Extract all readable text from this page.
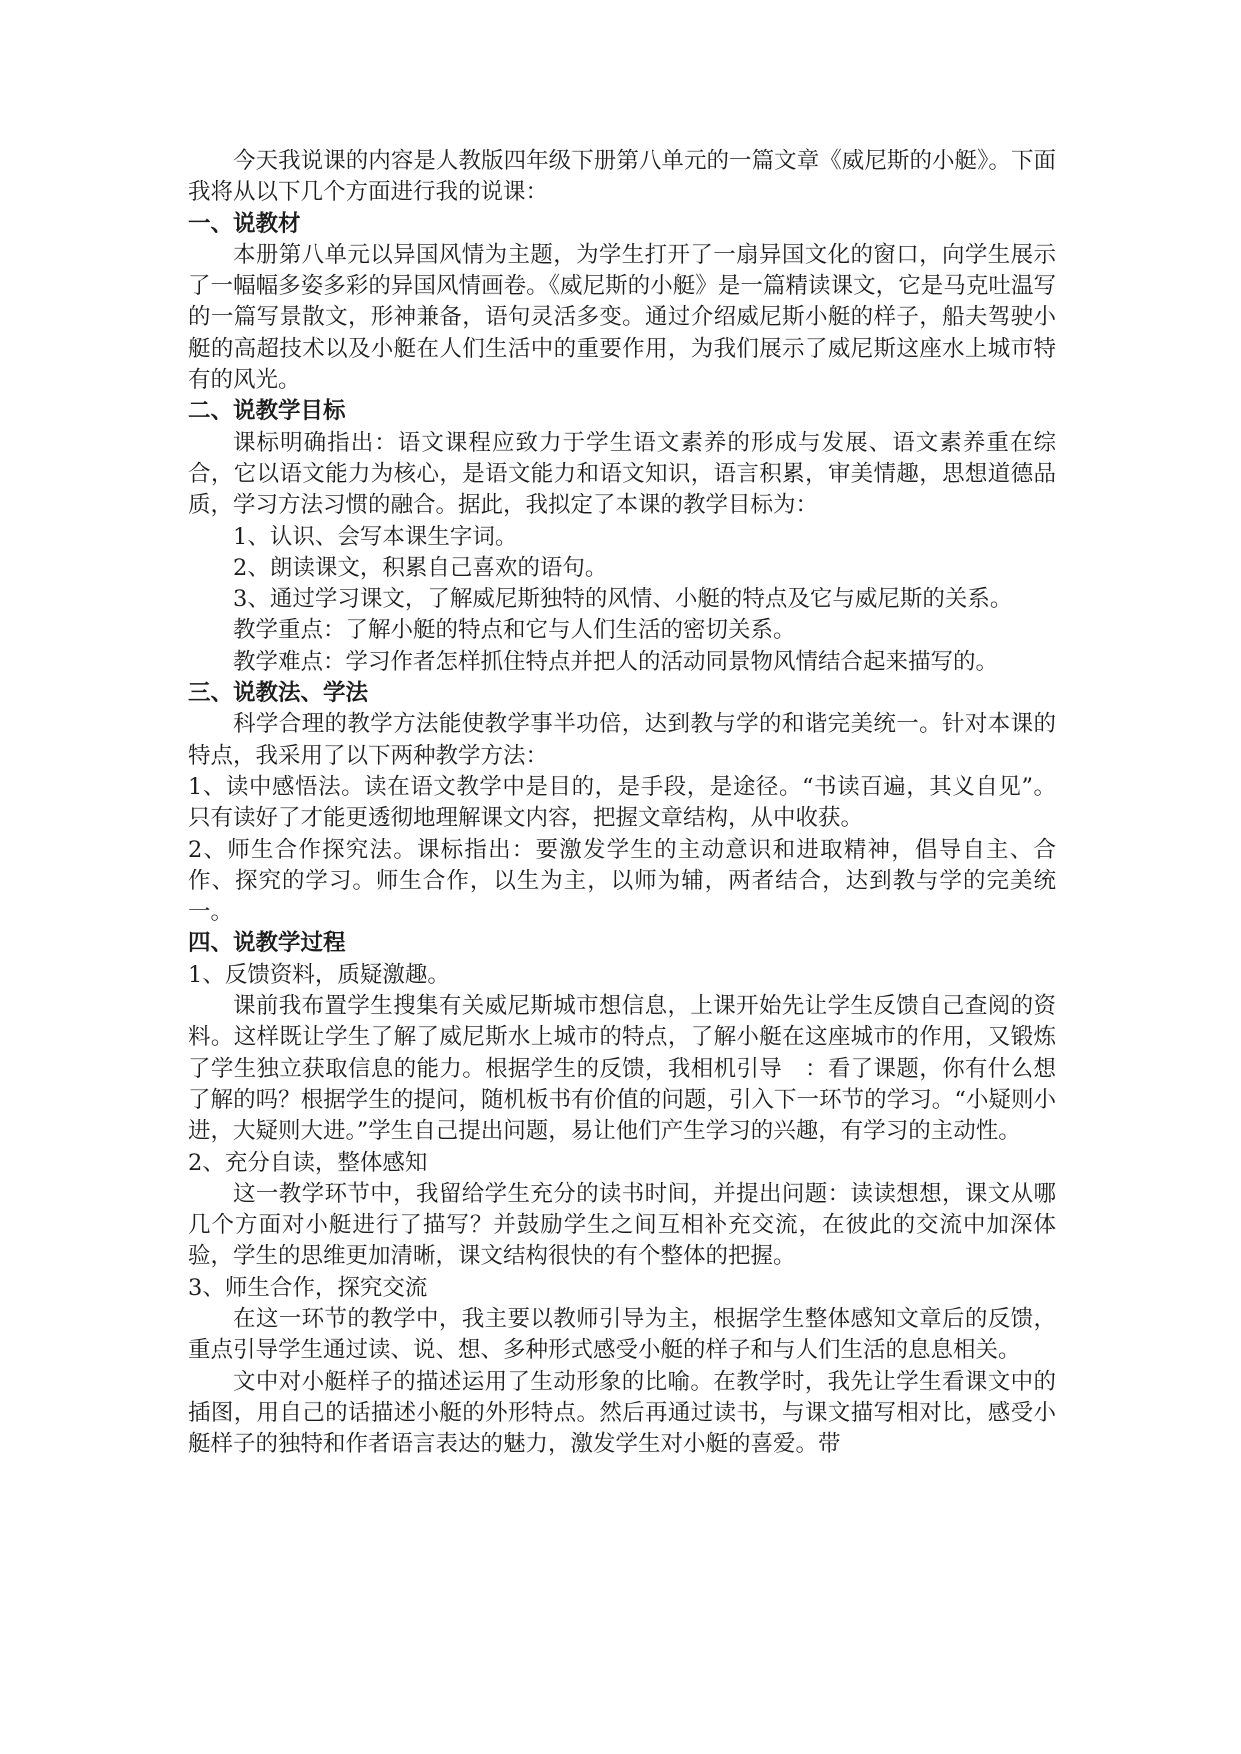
今天我说课的内容是人教版四年级下册第八单元的一篇文章《威尼斯的小艇》。下面我将从以下几个方面进行我的说课：

一、说教材

本册第八单元以异国风情为主题，为学生打开了一扇异国文化的窗口，向学生展示了一幅幅多姿多彩的异国风情画卷。《威尼斯的小艇》是一篇精读课文，它是马克吐温写的一篇写景散文，形神兼备，语句灵活多变。通过介绍威尼斯小艇的样子，船夫驾驶小艇的高超技术以及小艇在人们生活中的重要作用，为我们展示了威尼斯这座水上城市特有的风光。

二、说教学目标

课标明确指出：语文课程应致力于学生语文素养的形成与发展、语文素养重在综合，它以语文能力为核心，是语文能力和语文知识，语言积累，审美情趣，思想道德品质，学习方法习惯的融合。据此，我拟定了本课的教学目标为：

1、认识、会写本课生字词。

2、朗读课文，积累自己喜欢的语句。

3、通过学习课文，了解威尼斯独特的风情、小艇的特点及它与威尼斯的关系。

教学重点：了解小艇的特点和它与人们生活的密切关系。

教学难点：学习作者怎样抓住特点并把人的活动同景物风情结合起来描写的。

三、说教法、学法

科学合理的教学方法能使教学事半功倍，达到教与学的和谐完美统一。针对本课的特点，我采用了以下两种教学方法：

1、读中感悟法。读在语文教学中是目的，是手段，是途径。“书读百遍，其义自见”。只有读好了才能更透彻地理解课文内容，把握文章结构，从中收获。

2、师生合作探究法。课标指出：要激发学生的主动意识和进取精神，倡导自主、合作、探究的学习。师生合作，以生为主，以师为辅，两者结合，达到教与学的完美统一。

四、说教学过程

1、反馈资料，质疑激趣。

课前我布置学生搜集有关威尼斯城市想信息，上课开始先让学生反馈自己查阅的资料。这样既让学生了解了威尼斯水上城市的特点，了解小艇在这座城市的作用，又锻炼了学生独立获取信息的能力。根据学生的反馈，我相机引导　：看了课题，你有什么想了解的吗？根据学生的提问，随机板书有价值的问题，引入下一环节的学习。“小疑则小进，大疑则大进。”学生自己提出问题，易让他们产生学习的兴趣，有学习的主动性。

2、充分自读，整体感知

这一教学环节中，我留给学生充分的读书时间，并提出问题：读读想想，课文从哪几个方面对小艇进行了描写？并鼓励学生之间互相补充交流，在彼此的交流中加深体验，学生的思维更加清晰，课文结构很快的有个整体的把握。

3、师生合作，探究交流

在这一环节的教学中，我主要以教师引导为主，根据学生整体感知文章后的反馈，重点引导学生通过读、说、想、多种形式感受小艇的样子和与人们生活的息息相关。

文中对小艇样子的描述运用了生动形象的比喻。在教学时，我先让学生看课文中的插图，用自己的话描述小艇的外形特点。然后再通过读书，与课文描写相对比，感受小艇样子的独特和作者语言表达的魅力，激发学生对小艇的喜爱。带
